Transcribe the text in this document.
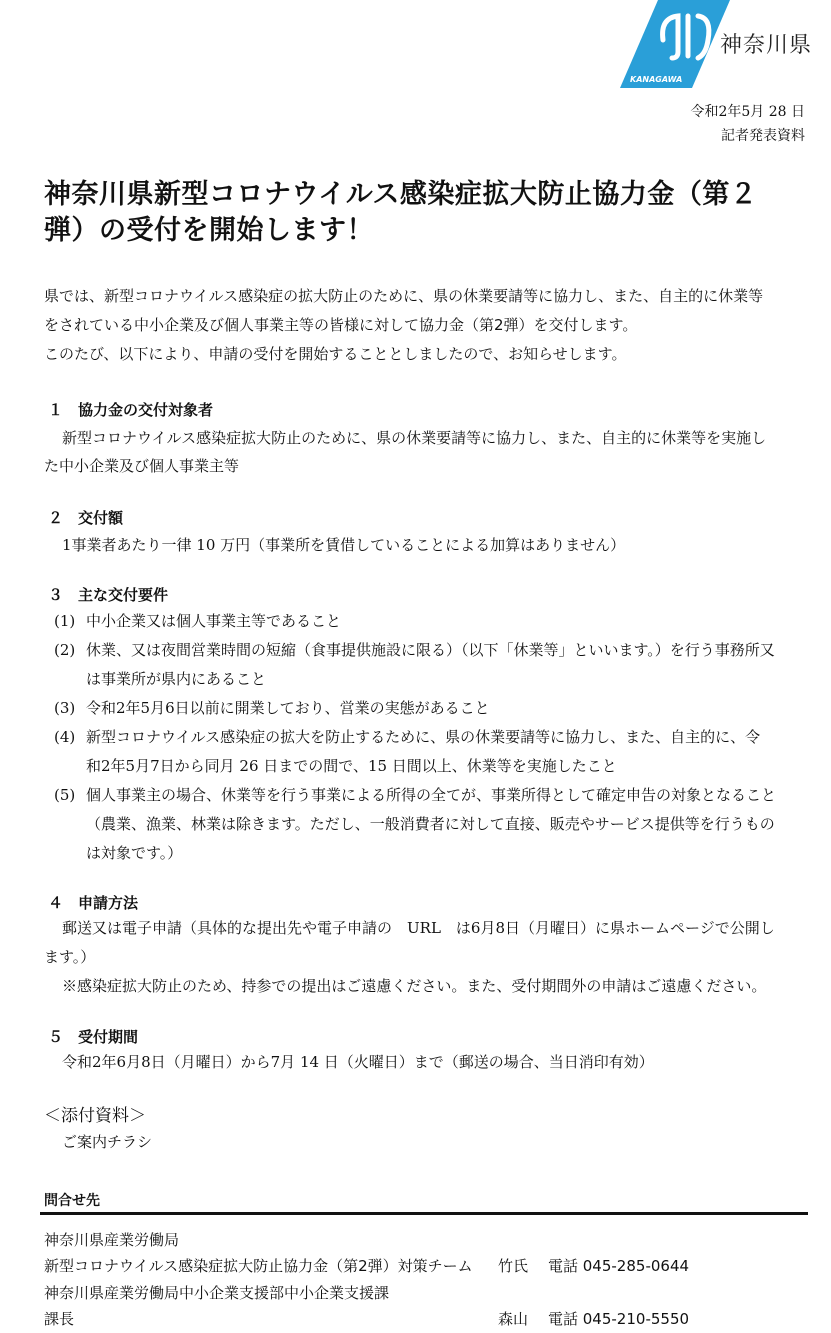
KANAGAWA
神奈川県
令和2年5月 28 日
記者発表資料
神奈川県新型コロナウイルス感染症拡大防止協力金（第２
弾）の受付を開始します！

県では、新型コロナウイルス感染症の拡大防止のために、県の休業要請等に協力し、また、自主的に休業等

をされている中小企業及び個人事業主等の皆様に対して協力金（第2弾）を交付します。

このたび、以下により、申請の受付を開始することとしましたので、お知らせします。

１ 協力金の交付対象者
新型コロナウイルス感染症拡大防止のために、県の休業要請等に協力し、また、自主的に休業等を実施し
た中小企業及び個人事業主等
２ 交付額
1事業者あたり一律 10 万円（事業所を賃借していることによる加算はありません）
３ 主な交付要件
(1) 中小企業又は個人事業主等であること
(2) 休業、又は夜間営業時間の短縮（食事提供施設に限る）（以下「休業等」といいます。）を行う事務所又
は事業所が県内にあること
(3) 令和2年5月6日以前に開業しており、営業の実態があること
(4) 新型コロナウイルス感染症の拡大を防止するために、県の休業要請等に協力し、また、自主的に、令
和2年5月7日から同月 26 日までの間で、15 日間以上、休業等を実施したこと
(5) 個人事業主の場合、休業等を行う事業による所得の全てが、事業所得として確定申告の対象となること
（農業、漁業、林業は除きます。ただし、一般消費者に対して直接、販売やサービス提供等を行うもの
は対象です。）
４ 申請方法
郵送又は電子申請（具体的な提出先や電子申請の　URL　は6月8日（月曜日）に県ホームページで公開し
ます。）
※感染症拡大防止のため、持参での提出はご遠慮ください。また、受付期間外の申請はご遠慮ください。
５ 受付期間
令和2年6月8日（月曜日）から7月 14 日（火曜日）まで（郵送の場合、当日消印有効）
＜添付資料＞
ご案内チラシ
問合せ先
神奈川県産業労働局
新型コロナウイルス感染症拡大防止協力金（第2弾）対策チーム 竹氏 電話 045-285-0644
神奈川県産業労働局中小企業支援部中小企業支援課
課長	森山 電話 045-210-5550
